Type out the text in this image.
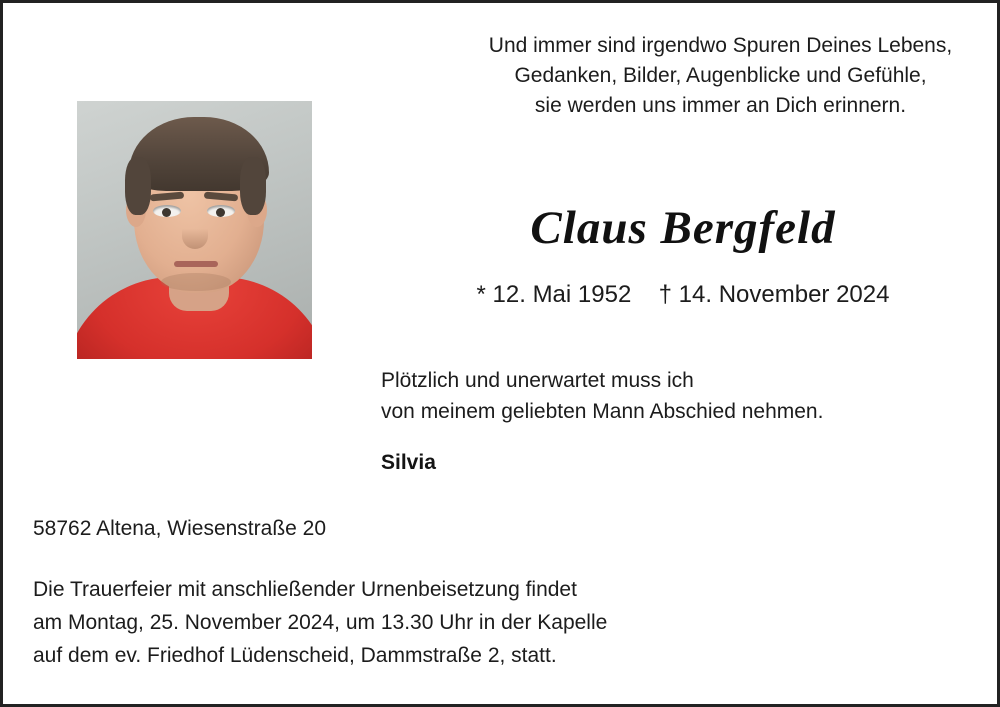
Und immer sind irgendwo Spuren Deines Lebens,
Gedanken, Bilder, Augenblicke und Gefühle,
sie werden uns immer an Dich erinnern.
Claus Bergfeld
* 12. Mai 1952 † 14. November 2024
Plötzlich und unerwartet muss ich
von meinem geliebten Mann Abschied nehmen.
Silvia
58762 Altena, Wiesenstraße 20
Die Trauerfeier mit anschließender Urnenbeisetzung findet
am Montag, 25. November 2024, um 13.30 Uhr in der Kapelle
auf dem ev. Friedhof Lüdenscheid, Dammstraße 2, statt.
